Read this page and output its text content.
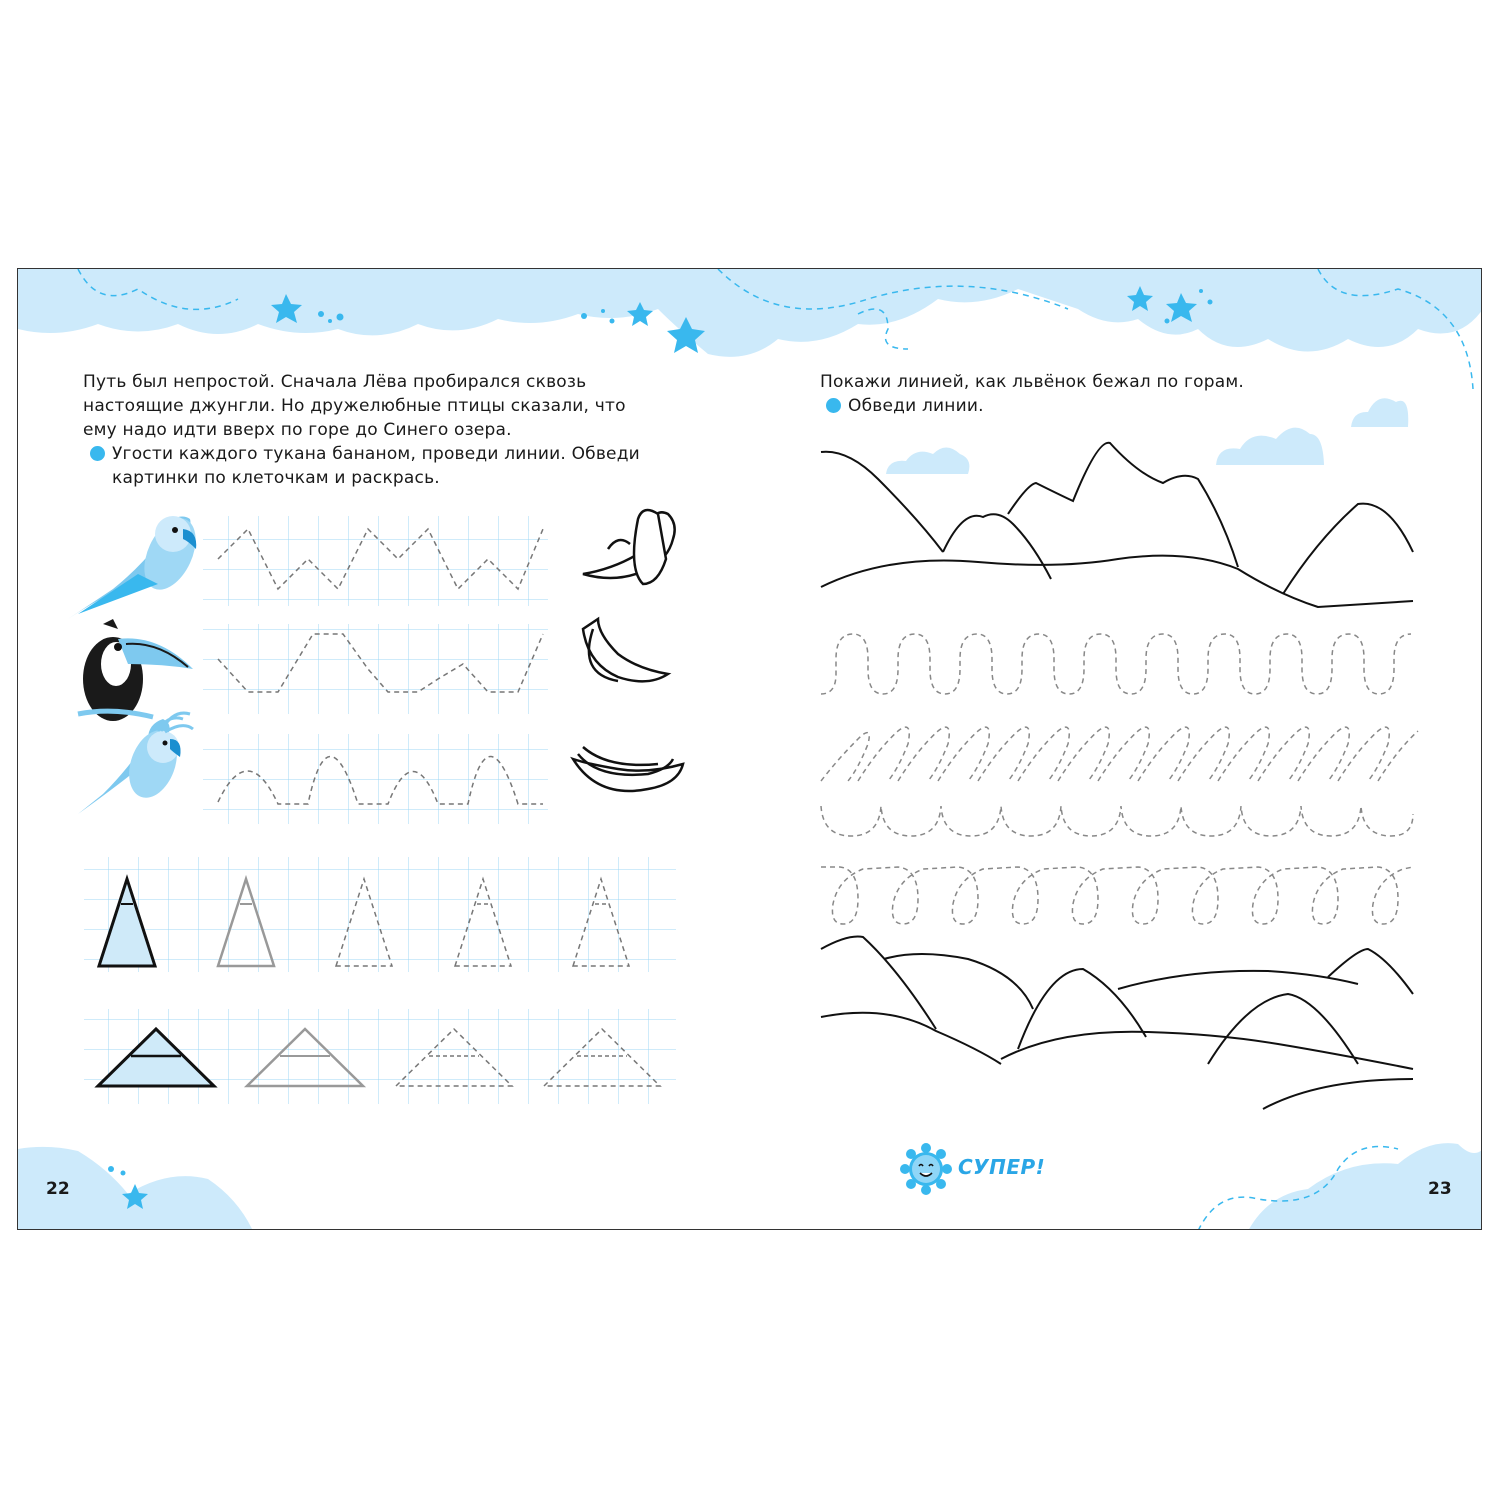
Путь был непростой. Сначала Лёва пробирался сквозь
настоящие джунгли. Но дружелюбные птицы сказали, что
ему надо идти вверх по горе до Синего озера.
Угости каждого тукана бананом, проведи линии. Обведи
картинки по клеточкам и раскрась.
Покажи линией, как львёнок бежал по горам.
Обведи линии.
22	23
СУПЕР!
